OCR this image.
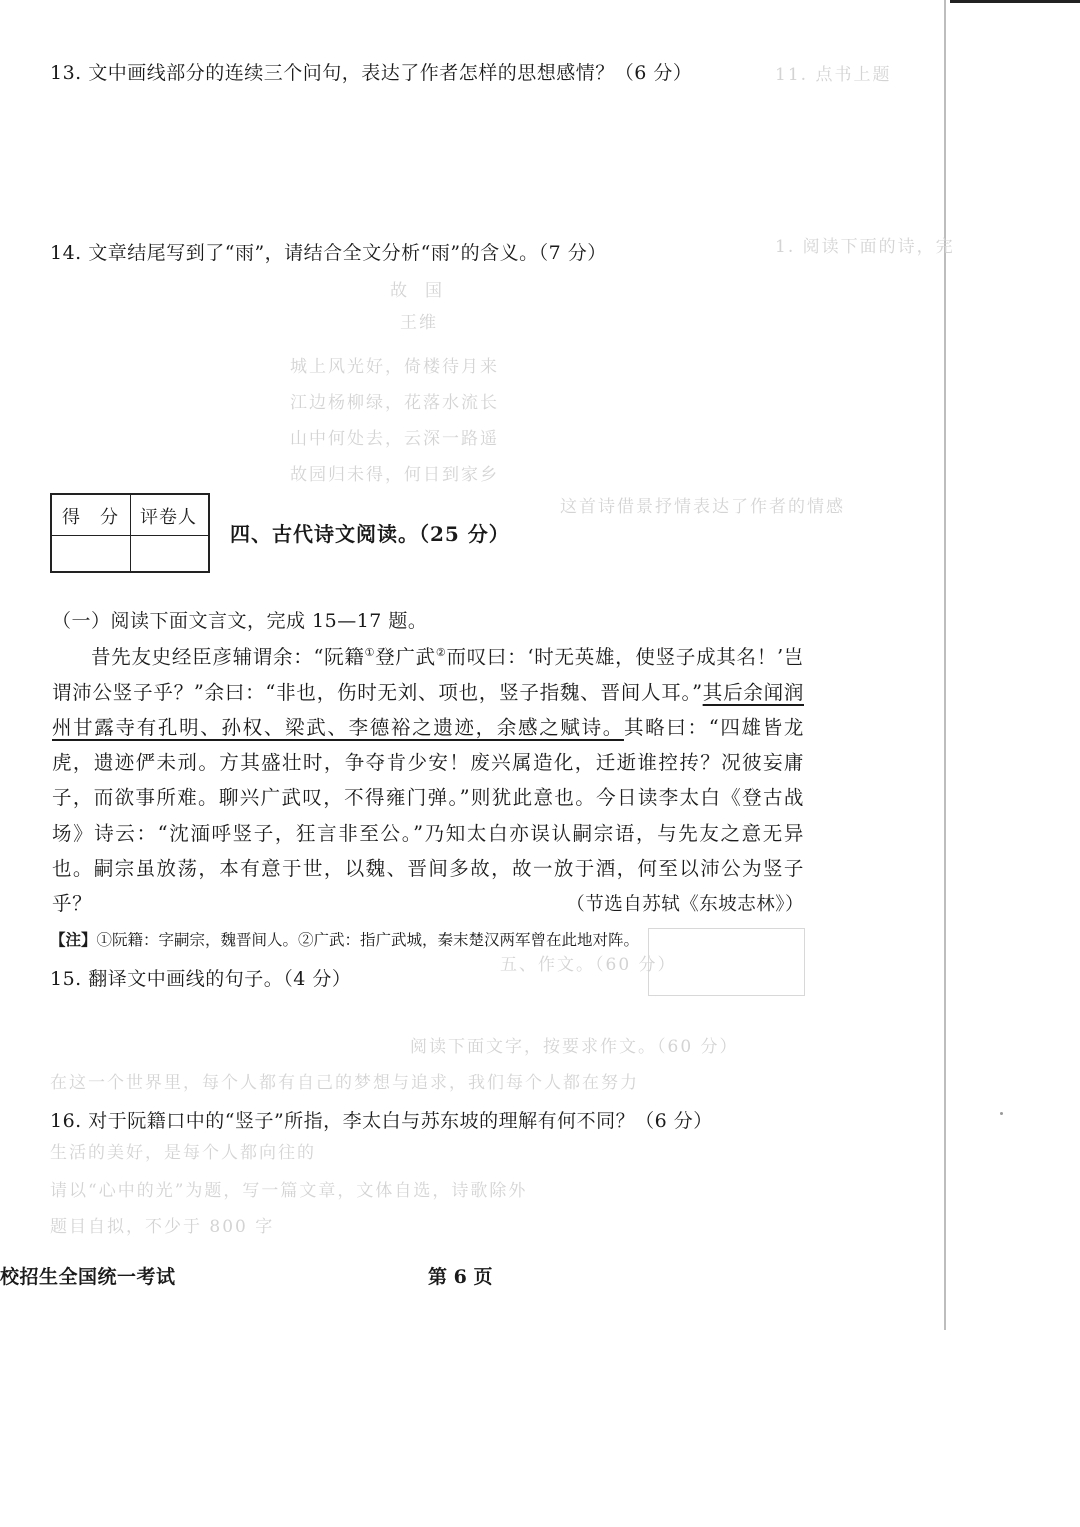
11. 点书上题
1. 阅读下面的诗，完
故国
王维
城上风光好，倚楼待月来
江边杨柳绿，花落水流长
山中何处去，云深一路遥
故园归未得，何日到家乡
这首诗借景抒情表达了作者的情感
五、作文。（60 分）
阅读下面文字，按要求作文。（60 分）
在这一个世界里，每个人都有自己的梦想与追求，我们每个人都在努力
生活的美好，是每个人都向往的
请以“心中的光”为题，写一篇文章，文体自选，诗歌除外
题目自拟，不少于 800 字
13. 文中画线部分的连续三个问句，表达了作者怎样的思想感情？（6 分）
14. 文章结尾写到了“雨”，请结合全文分析“雨”的含义。（7 分）
得　分 评卷人
四、古代诗文阅读。（25 分）
（一）阅读下面文言文，完成 15—17 题。
昔先友史经臣彦辅谓余：“阮籍①登广武②而叹曰：‘时无英雄，使竖子成其名！’岂谓沛公竖子乎？”余曰：“非也，伤时无刘、项也，竖子指魏、晋间人耳。”其后余闻润州甘露寺有孔明、孙权、梁武、李德裕之遗迹，余感之赋诗。其略曰：“四雄皆龙虎，遗迹俨未刓。方其盛壮时，争夺肯少安！废兴属造化，迁逝谁控抟？况彼妄庸子，而欲事所难。聊兴广武叹，不得雍门弹。”则犹此意也。今日读李太白《登古战场》诗云：“沈湎呼竖子，狂言非至公。”乃知太白亦误认嗣宗语，与先友之意无异也。嗣宗虽放荡，本有意于世，以魏、晋间多故，故一放于酒，何至以沛公为竖子乎？	（节选自苏轼《东坡志林》）
【注】①阮籍：字嗣宗，魏晋间人。②广武：指广武城，秦末楚汉两军曾在此地对阵。
15. 翻译文中画线的句子。（4 分）
16. 对于阮籍口中的“竖子”所指，李太白与苏东坡的理解有何不同？（6 分）
校招生全国统一考试	第 6 页
